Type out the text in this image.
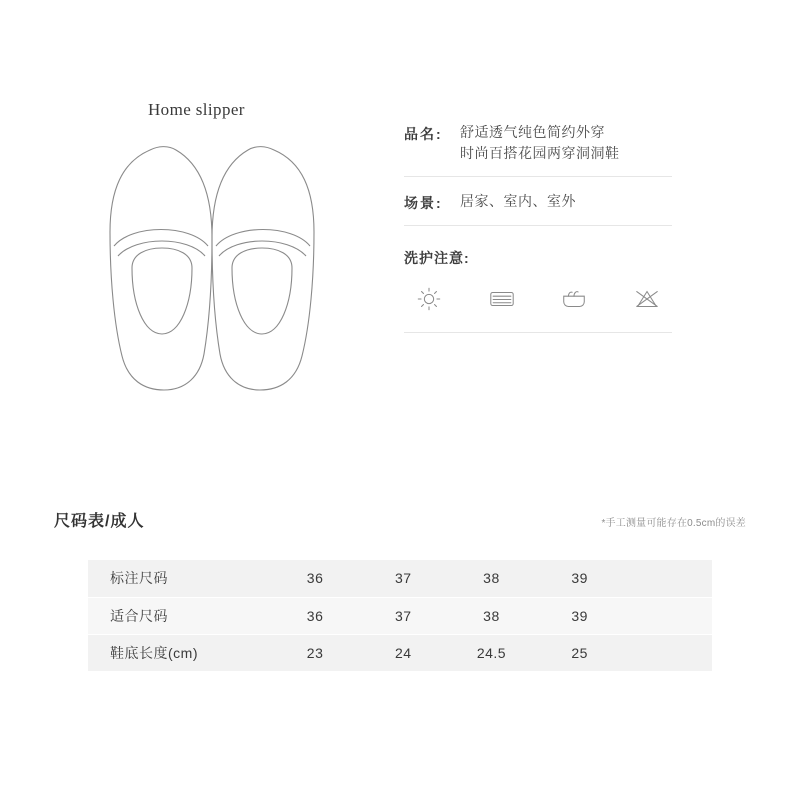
Home slipper
品名:	舒适透气纯色简约外穿
时尚百搭花园两穿洞洞鞋
场景:	居家、室内、室外
洗护注意:
尺码表/成人	*手工测量可能存在0.5cm的误差
标注尺码	36	37	38	39	
适合尺码	36	37	38	39	
鞋底长度(cm)	23	24	24.5	25	
